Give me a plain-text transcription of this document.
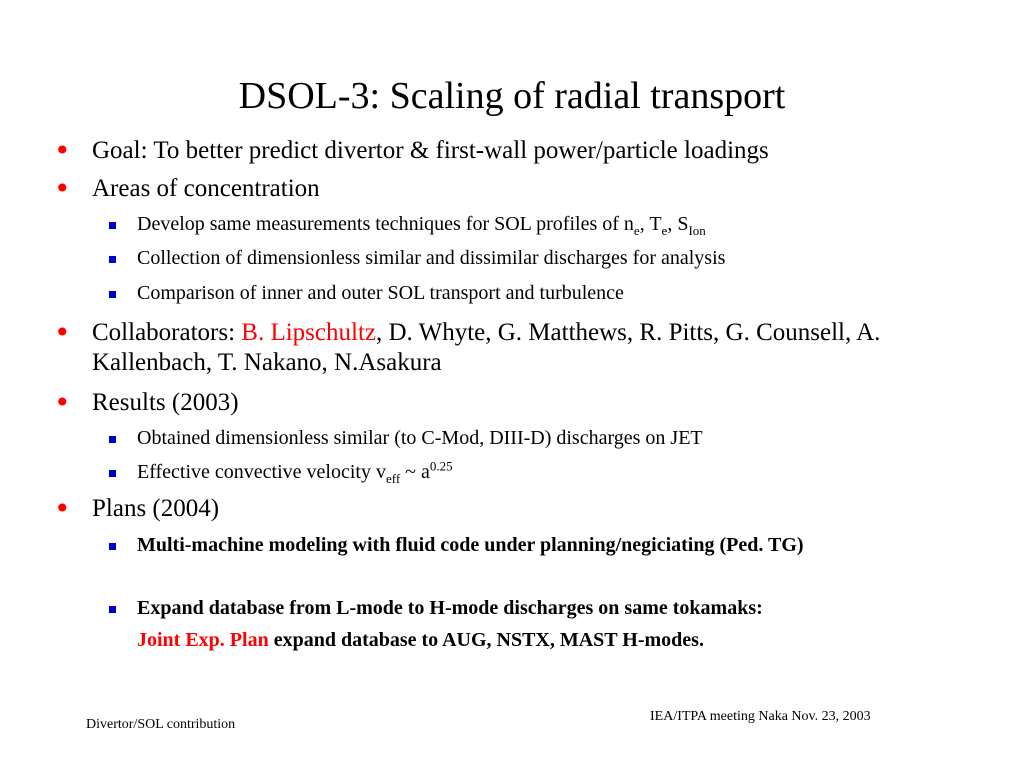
DSOL-3: Scaling of radial transport
• Goal: To better predict divertor & first-wall power/particle loadings
• Areas of concentration
Develop same measurements techniques for SOL profiles of $n_e$, $T_e$, $S_{Ion}$
Collection of dimensionless similar and dissimilar discharges for analysis
Comparison of inner and outer SOL transport and turbulence
• Collaborators: B. Lipschultz, D. Whyte, G. Matthews, R. Pitts, G. Counsell, A. Kallenbach, T. Nakano, N.Asakura
• Results (2003)
Obtained dimensionless similar (to C-Mod, DIII-D) discharges on JET
Effective convective velocity $v_{eff}$ ~ $a^{0.25}$
• Plans (2004)
Multi-machine modeling with fluid code under planning/negiciating (Ped. TG)
Expand database from L-mode to H-mode discharges on same tokamaks:
Joint Exp. Plan expand database to AUG, NSTX, MAST H-modes.
Divertor/SOL contribution
IEA/ITPA meeting Naka Nov. 23, 2003
